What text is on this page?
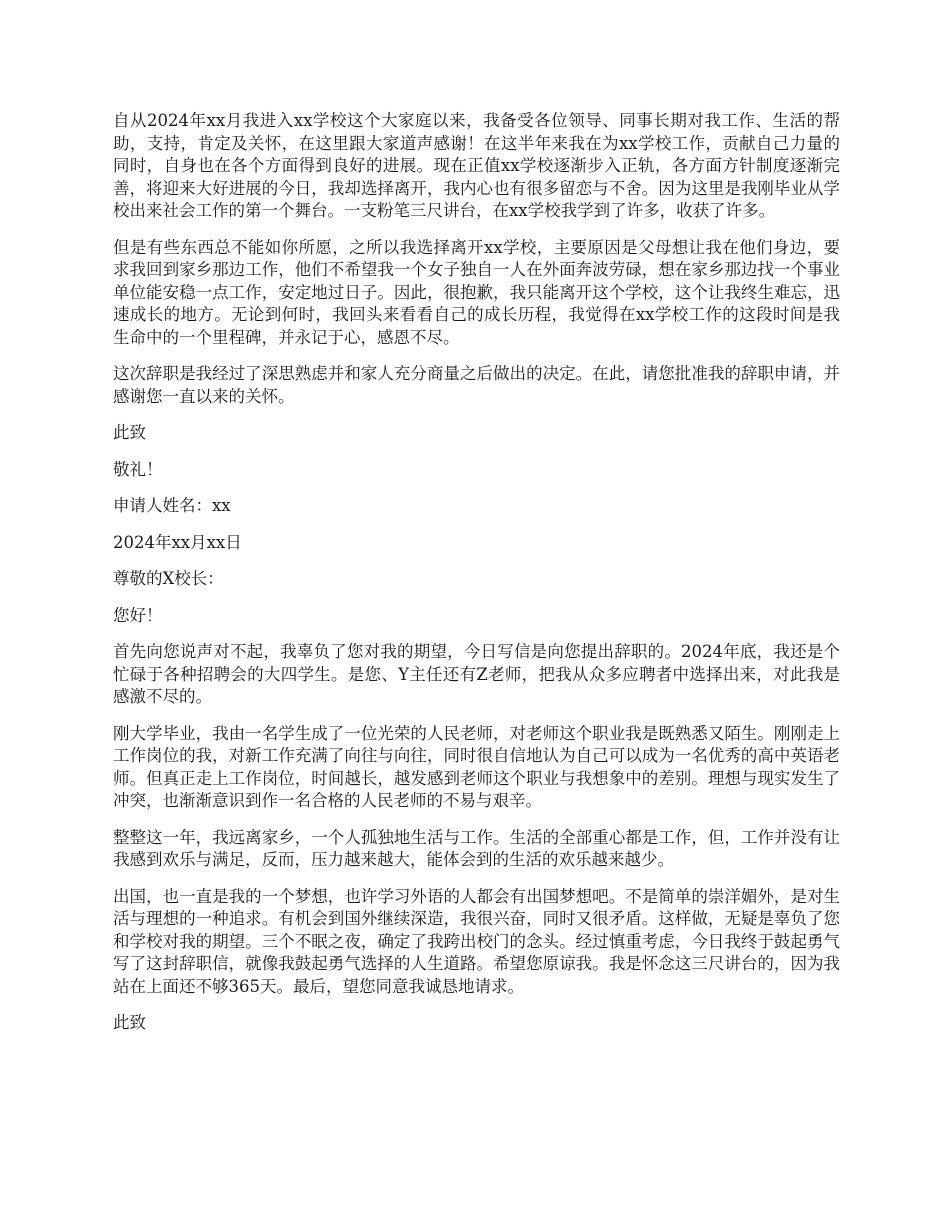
自从2024年xx月我进入xx学校这个大家庭以来，我备受各位领导、同事长期对我工作、生活的帮助，支持，肯定及关怀，在这里跟大家道声感谢！在这半年来我在为xx学校工作，贡献自己力量的同时，自身也在各个方面得到良好的进展。现在正值xx学校逐渐步入正轨，各方面方针制度逐渐完善，将迎来大好进展的今日，我却选择离开，我内心也有很多留恋与不舍。因为这里是我刚毕业从学校出来社会工作的第一个舞台。一支粉笔三尺讲台，在xx学校我学到了许多，收获了许多。

但是有些东西总不能如你所愿，之所以我选择离开xx学校，主要原因是父母想让我在他们身边，要求我回到家乡那边工作，他们不希望我一个女子独自一人在外面奔波劳碌，想在家乡那边找一个事业单位能安稳一点工作，安定地过日子。因此，很抱歉，我只能离开这个学校，这个让我终生难忘，迅速成长的地方。无论到何时，我回头来看看自己的成长历程，我觉得在xx学校工作的这段时间是我生命中的一个里程碑，并永记于心，感恩不尽。

这次辞职是我经过了深思熟虑并和家人充分商量之后做出的决定。在此，请您批准我的辞职申请，并感谢您一直以来的关怀。

此致

敬礼！

申请人姓名：xx

2024年xx月xx日

尊敬的X校长：

您好！

首先向您说声对不起，我辜负了您对我的期望，今日写信是向您提出辞职的。2024年底，我还是个忙碌于各种招聘会的大四学生。是您、Y主任还有Z老师，把我从众多应聘者中选择出来，对此我是感激不尽的。

刚大学毕业，我由一名学生成了一位光荣的人民老师，对老师这个职业我是既熟悉又陌生。刚刚走上工作岗位的我，对新工作充满了向往与向往，同时很自信地认为自己可以成为一名优秀的高中英语老师。但真正走上工作岗位，时间越长，越发感到老师这个职业与我想象中的差别。理想与现实发生了冲突，也渐渐意识到作一名合格的人民老师的不易与艰辛。

整整这一年，我远离家乡，一个人孤独地生活与工作。生活的全部重心都是工作，但，工作并没有让我感到欢乐与满足，反而，压力越来越大，能体会到的生活的欢乐越来越少。

出国，也一直是我的一个梦想，也许学习外语的人都会有出国梦想吧。不是简单的崇洋媚外，是对生活与理想的一种追求。有机会到国外继续深造，我很兴奋，同时又很矛盾。这样做，无疑是辜负了您和学校对我的期望。三个不眠之夜，确定了我跨出校门的念头。经过慎重考虑，今日我终于鼓起勇气写了这封辞职信，就像我鼓起勇气选择的人生道路。希望您原谅我。我是怀念这三尺讲台的，因为我站在上面还不够365天。最后，望您同意我诚恳地请求。

此致
